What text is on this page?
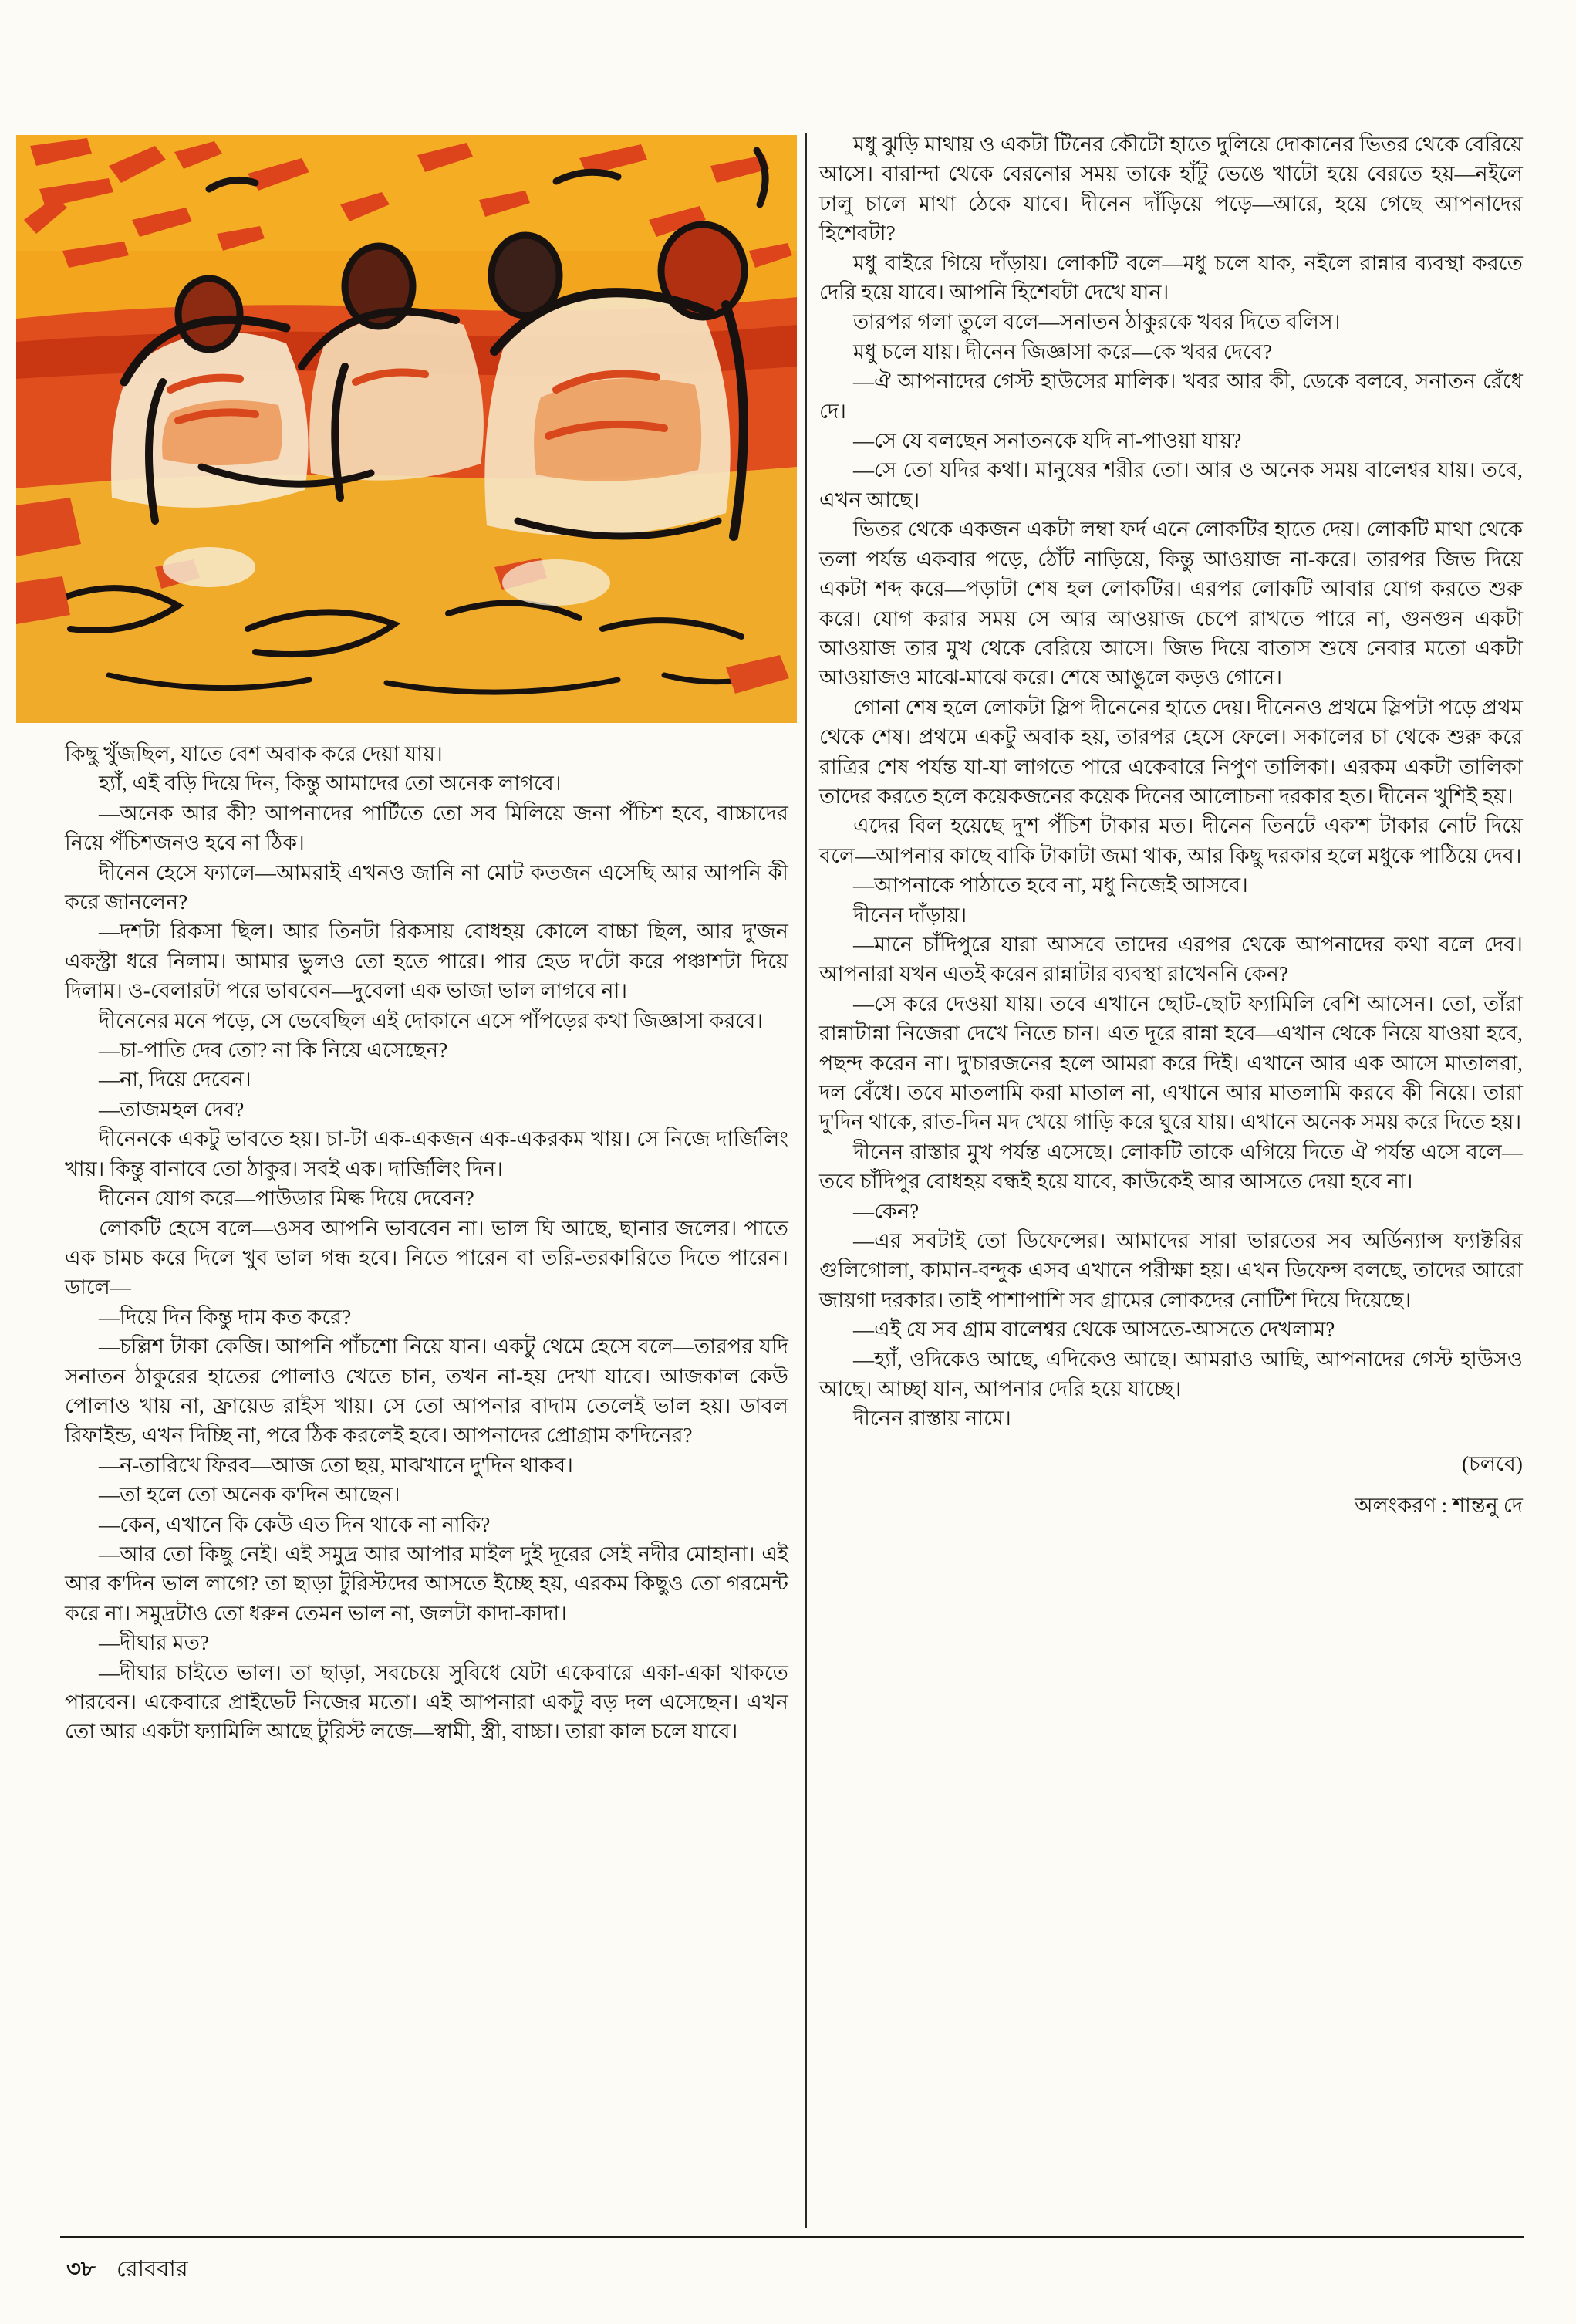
কিছু খুঁজছিল, যাতে বেশ অবাক করে দেয়া যায়।

হ্যাঁ, এই বড়ি দিয়ে দিন, কিন্তু আমাদের তো অনেক লাগবে।

—অনেক আর কী? আপনাদের পার্টিতে তো সব মিলিয়ে জনা পঁচিশ হবে, বাচ্চাদের নিয়ে পঁচিশজনও হবে না ঠিক।

দীনেন হেসে ফ্যালে—আমরাই এখনও জানি না মোট কতজন এসেছি আর আপনি কী করে জানলেন?

—দশটা রিকসা ছিল। আর তিনটা রিকসায় বোধহয় কোলে বাচ্চা ছিল, আর দু'জন একস্ট্রা ধরে নিলাম। আমার ভুলও তো হতে পারে। পার হেড দ'টো করে পঞ্চাশটা দিয়ে দিলাম। ও-বেলারটা পরে ভাববেন—দুবেলা এক ভাজা ভাল লাগবে না।

দীনেনের মনে পড়ে, সে ভেবেছিল এই দোকানে এসে পাঁপড়ের কথা জিজ্ঞাসা করবে।

—চা-পাতি দেব তো? না কি নিয়ে এসেছেন?

—না, দিয়ে দেবেন।

—তাজমহল দেব?

দীনেনকে একটু ভাবতে হয়। চা-টা এক-একজন এক-একরকম খায়। সে নিজে দার্জিলিং খায়। কিন্তু বানাবে তো ঠাকুর। সবই এক। দার্জিলিং দিন।

দীনেন যোগ করে—পাউডার মিল্ক দিয়ে দেবেন?

লোকটি হেসে বলে—ওসব আপনি ভাববেন না। ভাল ঘি আছে, ছানার জলের। পাতে এক চামচ করে দিলে খুব ভাল গন্ধ হবে। নিতে পারেন বা তরি-তরকারিতে দিতে পারেন। ডালে—

—দিয়ে দিন কিন্তু দাম কত করে?

—চল্লিশ টাকা কেজি। আপনি পাঁচশো নিয়ে যান। একটু থেমে হেসে বলে—তারপর যদি সনাতন ঠাকুরের হাতের পোলাও খেতে চান, তখন না-হয় দেখা যাবে। আজকাল কেউ পোলাও খায় না, ফ্রায়েড রাইস খায়। সে তো আপনার বাদাম তেলেই ভাল হয়। ডাবল রিফাইন্ড, এখন দিচ্ছি না, পরে ঠিক করলেই হবে। আপনাদের প্রোগ্রাম ক'দিনের?

—ন-তারিখে ফিরব—আজ তো ছয়, মাঝখানে দু'দিন থাকব।

—তা হলে তো অনেক ক'দিন আছেন।

—কেন, এখানে কি কেউ এত দিন থাকে না নাকি?

—আর তো কিছু নেই। এই সমুদ্র আর আপার মাইল দুই দূরের সেই নদীর মোহানা। এই আর ক'দিন ভাল লাগে? তা ছাড়া টুরিস্টদের আসতে ইচ্ছে হয়, এরকম কিছুও তো গরমেন্ট করে না। সমুদ্রটাও তো ধরুন তেমন ভাল না, জলটা কাদা-কাদা।

—দীঘার মত?

—দীঘার চাইতে ভাল। তা ছাড়া, সবচেয়ে সুবিধে যেটা একেবারে একা-একা থাকতে পারবেন। একেবারে প্রাইভেট নিজের মতো। এই আপনারা একটু বড় দল এসেছেন। এখন তো আর একটা ফ্যামিলি আছে টুরিস্ট লজে—স্বামী, স্ত্রী, বাচ্চা। তারা কাল চলে যাবে।

মধু ঝুড়ি মাথায় ও একটা টিনের কৌটো হাতে দুলিয়ে দোকানের ভিতর থেকে বেরিয়ে আসে। বারান্দা থেকে বেরনোর সময় তাকে হাঁটু ভেঙে খাটো হয়ে বেরতে হয়—নইলে ঢালু চালে মাথা ঠেকে যাবে। দীনেন দাঁড়িয়ে পড়ে—আরে, হয়ে গেছে আপনাদের হিশেবটা?

মধু বাইরে গিয়ে দাঁড়ায়। লোকটি বলে—মধু চলে যাক, নইলে রান্নার ব্যবস্থা করতে দেরি হয়ে যাবে। আপনি হিশেবটা দেখে যান।

তারপর গলা তুলে বলে—সনাতন ঠাকুরকে খবর দিতে বলিস।

মধু চলে যায়। দীনেন জিজ্ঞাসা করে—কে খবর দেবে?

—ঐ আপনাদের গেস্ট হাউসের মালিক। খবর আর কী, ডেকে বলবে, সনাতন রেঁধে দে।

—সে যে বলছেন সনাতনকে যদি না-পাওয়া যায়?

—সে তো যদির কথা। মানুষের শরীর তো। আর ও অনেক সময় বালেশ্বর যায়। তবে, এখন আছে।

ভিতর থেকে একজন একটা লম্বা ফর্দ এনে লোকটির হাতে দেয়। লোকটি মাথা থেকে তলা পর্যন্ত একবার পড়ে, ঠোঁট নাড়িয়ে, কিন্তু আওয়াজ না-করে। তারপর জিভ দিয়ে একটা শব্দ করে—পড়াটা শেষ হল লোকটির। এরপর লোকটি আবার যোগ করতে শুরু করে। যোগ করার সময় সে আর আওয়াজ চেপে রাখতে পারে না, গুনগুন একটা আওয়াজ তার মুখ থেকে বেরিয়ে আসে। জিভ দিয়ে বাতাস শুষে নেবার মতো একটা আওয়াজও মাঝে-মাঝে করে। শেষে আঙুলে কড়ও গোনে।

গোনা শেষ হলে লোকটা স্লিপ দীনেনের হাতে দেয়। দীনেনও প্রথমে স্লিপটা পড়ে প্রথম থেকে শেষ। প্রথমে একটু অবাক হয়, তারপর হেসে ফেলে। সকালের চা থেকে শুরু করে রাত্রির শেষ পর্যন্ত যা-যা লাগতে পারে একেবারে নিপুণ তালিকা। এরকম একটা তালিকা তাদের করতে হলে কয়েকজনের কয়েক দিনের আলোচনা দরকার হত। দীনেন খুশিই হয়।

এদের বিল হয়েছে দু'শ পঁচিশ টাকার মত। দীনেন তিনটে এক'শ টাকার নোট দিয়ে বলে—আপনার কাছে বাকি টাকাটা জমা থাক, আর কিছু দরকার হলে মধুকে পাঠিয়ে দেব।

—আপনাকে পাঠাতে হবে না, মধু নিজেই আসবে।

দীনেন দাঁড়ায়।

—মানে চাঁদিপুরে যারা আসবে তাদের এরপর থেকে আপনাদের কথা বলে দেব। আপনারা যখন এতই করেন রান্নাটার ব্যবস্থা রাখেননি কেন?

—সে করে দেওয়া যায়। তবে এখানে ছোট-ছোট ফ্যামিলি বেশি আসেন। তো, তাঁরা রান্নাটান্না নিজেরা দেখে নিতে চান। এত দূরে রান্না হবে—এখান থেকে নিয়ে যাওয়া হবে, পছন্দ করেন না। দু'চারজনের হলে আমরা করে দিই। এখানে আর এক আসে মাতালরা, দল বেঁধে। তবে মাতলামি করা মাতাল না, এখানে আর মাতলামি করবে কী নিয়ে। তারা দু'দিন থাকে, রাত-দিন মদ খেয়ে গাড়ি করে ঘুরে যায়। এখানে অনেক সময় করে দিতে হয়।

দীনেন রাস্তার মুখ পর্যন্ত এসেছে। লোকটি তাকে এগিয়ে দিতে ঐ পর্যন্ত এসে বলে—তবে চাঁদিপুর বোধহয় বন্ধই হয়ে যাবে, কাউকেই আর আসতে দেয়া হবে না।

—কেন?

—এর সবটাই তো ডিফেন্সের। আমাদের সারা ভারতের সব অর্ডিন্যান্স ফ্যাক্টরির গুলিগোলা, কামান-বন্দুক এসব এখানে পরীক্ষা হয়। এখন ডিফেন্স বলছে, তাদের আরো জায়গা দরকার। তাই পাশাপাশি সব গ্রামের লোকদের নোটিশ দিয়ে দিয়েছে।

—এই যে সব গ্রাম বালেশ্বর থেকে আসতে-আসতে দেখলাম?

—হ্যাঁ, ওদিকেও আছে, এদিকেও আছে। আমরাও আছি, আপনাদের গেস্ট হাউসও আছে। আচ্ছা যান, আপনার দেরি হয়ে যাচ্ছে।

দীনেন রাস্তায় নামে।

(চলবে)
অলংকরণ : শান্তনু দে
৩৮ রোববার
